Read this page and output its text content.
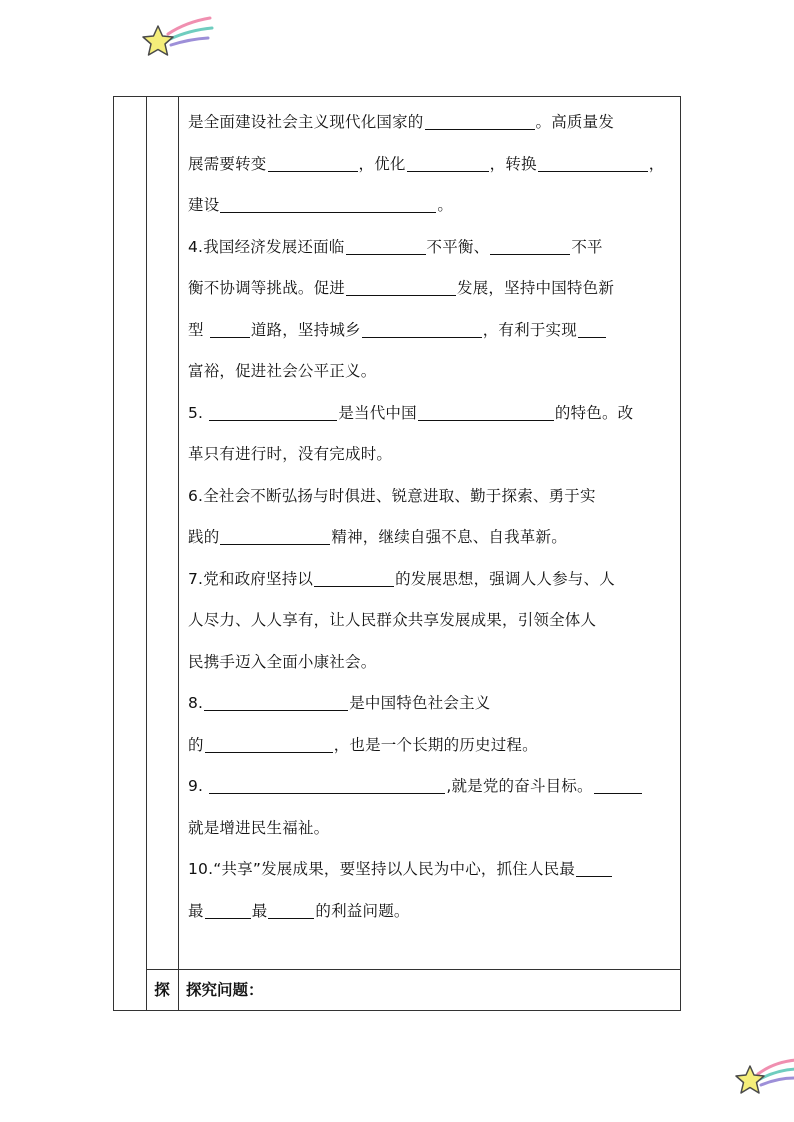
是全面建设社会主义现代化国家的	。高质量发
展需要转变	，优化	，转换	，
建设	。
4.我国经济发展还面临	不平衡、	不平
衡不协调等挑战。促进	发展，坚持中国特色新
型	道路，坚持城乡	，有利于实现
富裕，促进社会公平正义。
5.	是当代中国	的特色。改
革只有进行时，没有完成时。
6.全社会不断弘扬与时俱进、锐意进取、勤于探索、勇于实
践的	精神，继续自强不息、自我革新。
7.党和政府坚持以	的发展思想，强调人人参与、人
人尽力、人人享有，让人民群众共享发展成果，引领全体人
民携手迈入全面小康社会。
8.	是中国特色社会主义
的	，也是一个长期的历史过程。
9.	,就是党的奋斗目标。
就是增进民生福祉。
10.“共享”发展成果，要坚持以人民为中心，抓住人民最
最	最	的利益问题。
探	探究问题：
